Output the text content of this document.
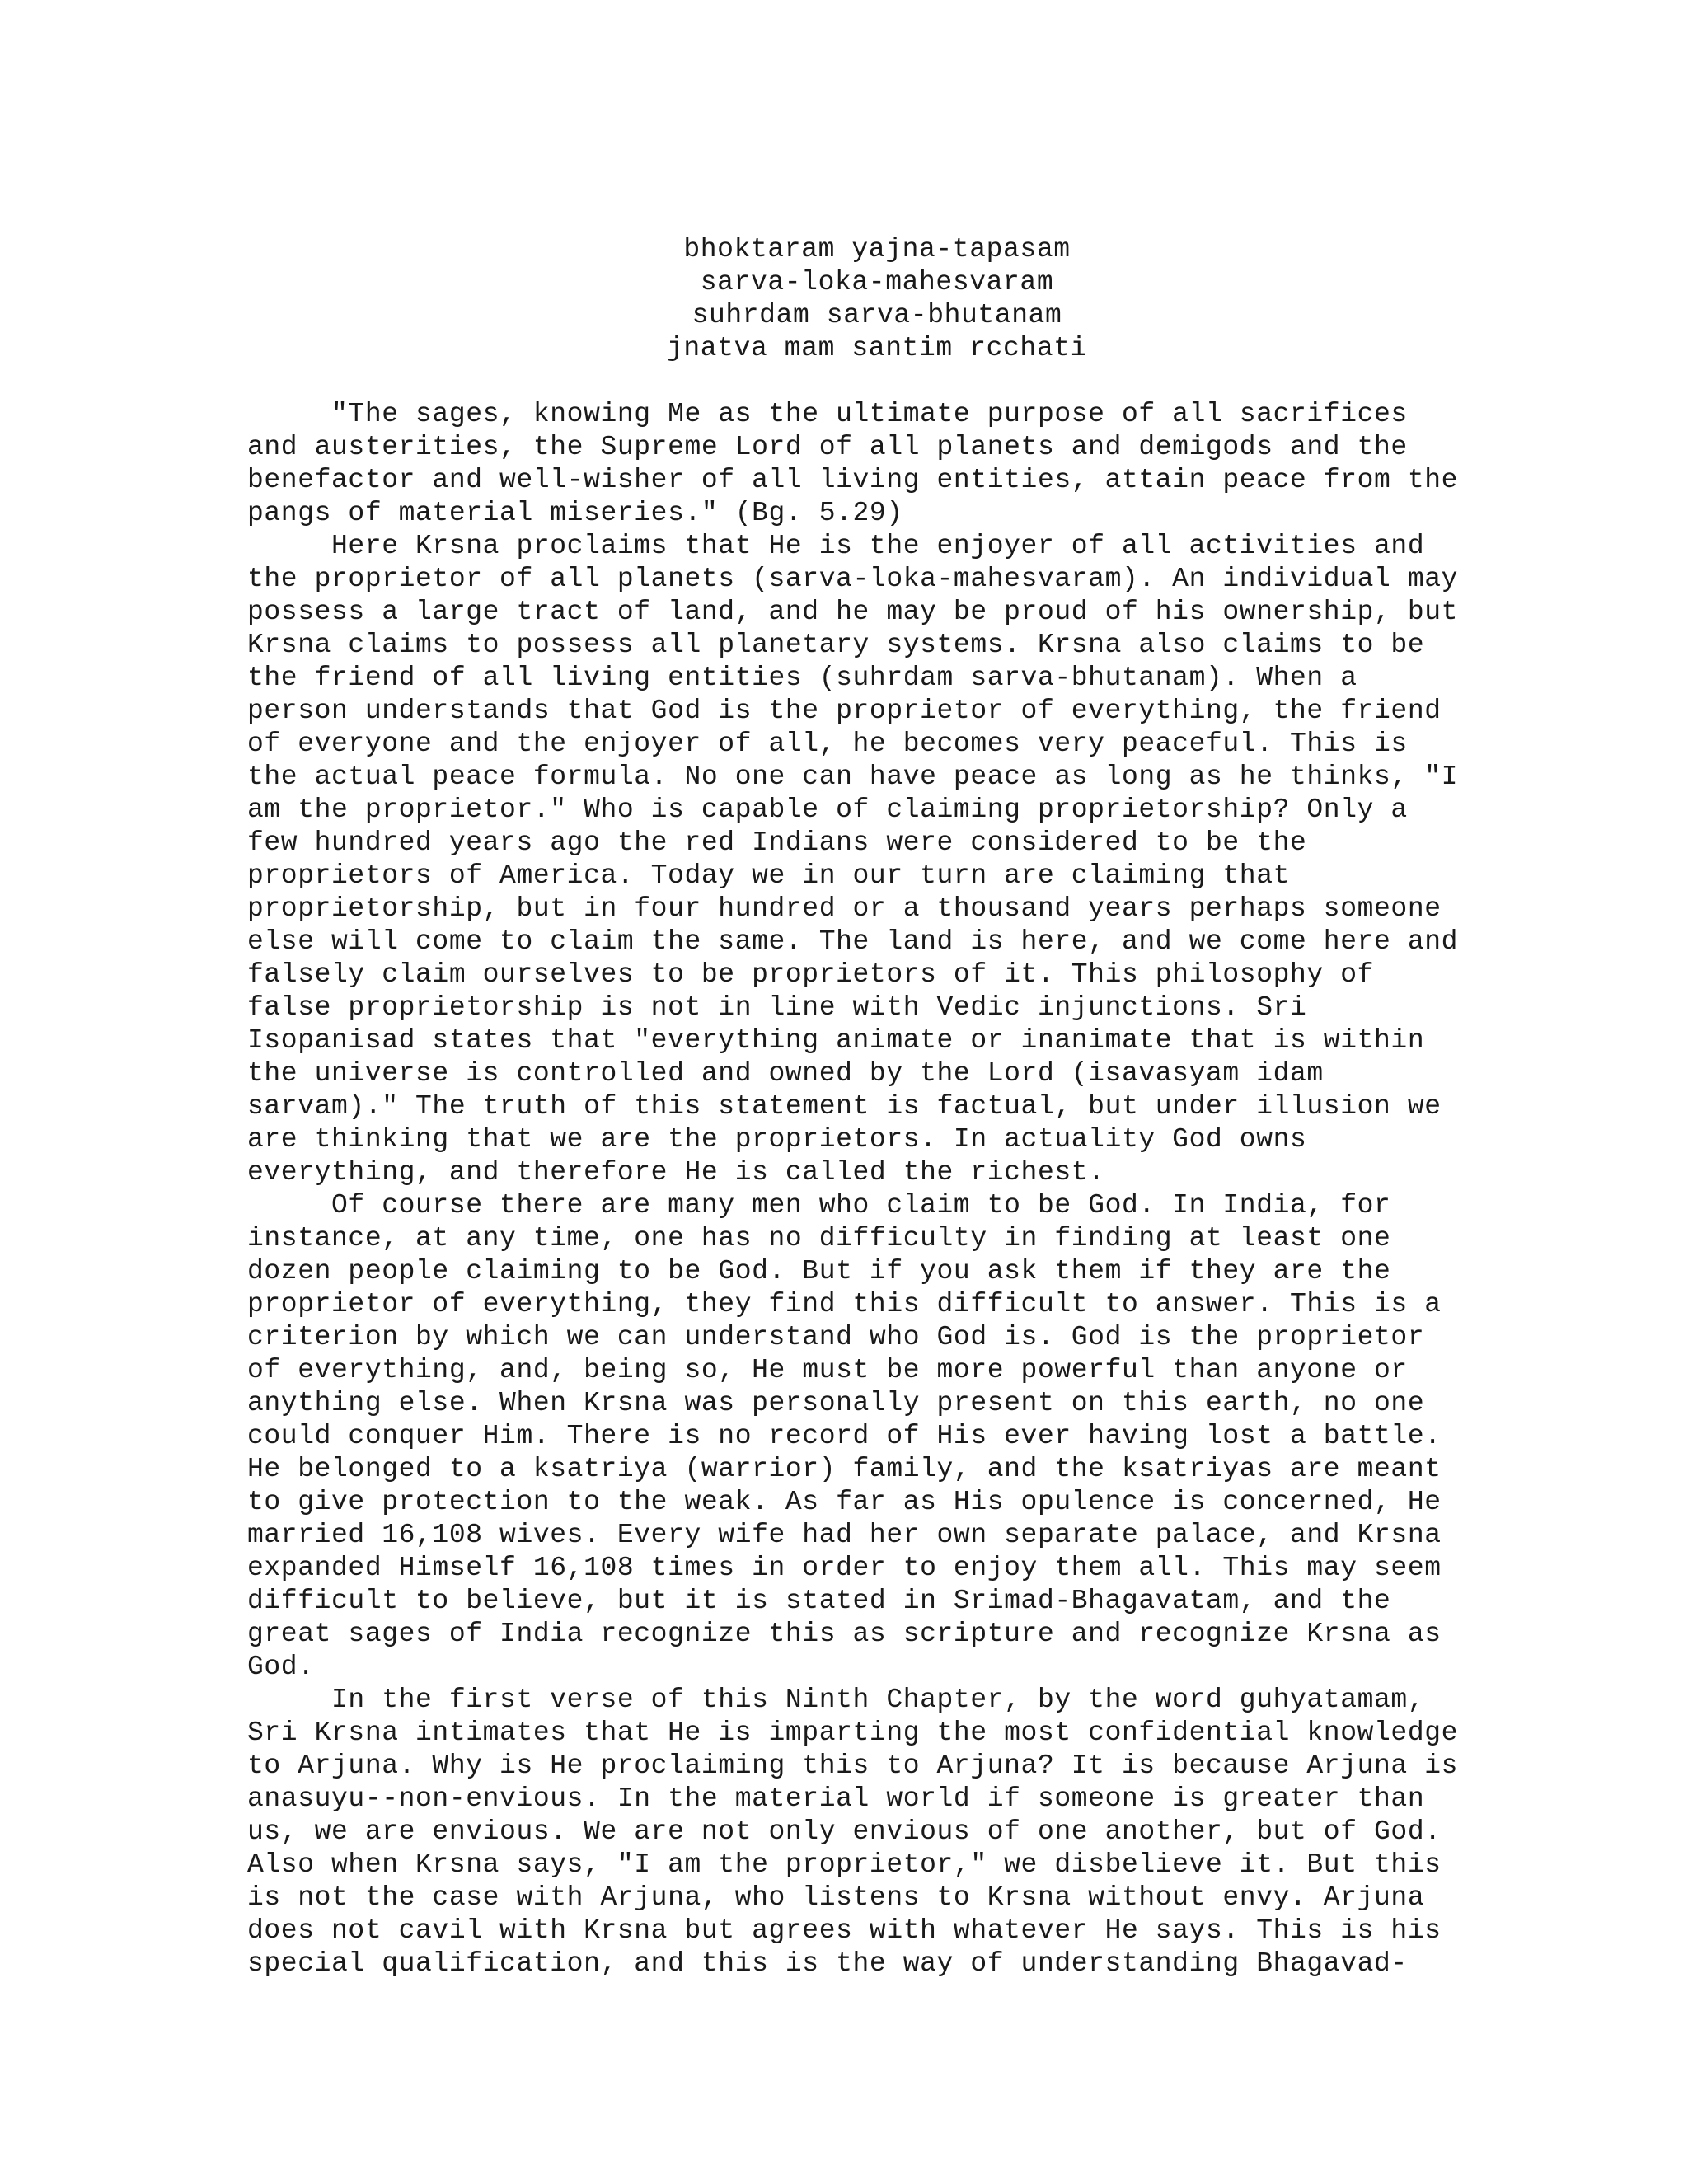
bhoktaram yajna-tapasam
sarva-loka-mahesvaram
suhrdam sarva-bhutanam
jnatva mam santim rcchati
"The sages, knowing Me as the ultimate purpose of all sacrifices
and austerities, the Supreme Lord of all planets and demigods and the
benefactor and well-wisher of all living entities, attain peace from the
pangs of material miseries." (Bg. 5.29)
Here Krsna proclaims that He is the enjoyer of all activities and
the proprietor of all planets (sarva-loka-mahesvaram). An individual may
possess a large tract of land, and he may be proud of his ownership, but
Krsna claims to possess all planetary systems. Krsna also claims to be
the friend of all living entities (suhrdam sarva-bhutanam). When a
person understands that God is the proprietor of everything, the friend
of everyone and the enjoyer of all, he becomes very peaceful. This is
the actual peace formula. No one can have peace as long as he thinks, "I
am the proprietor." Who is capable of claiming proprietorship? Only a
few hundred years ago the red Indians were considered to be the
proprietors of America. Today we in our turn are claiming that
proprietorship, but in four hundred or a thousand years perhaps someone
else will come to claim the same. The land is here, and we come here and
falsely claim ourselves to be proprietors of it. This philosophy of
false proprietorship is not in line with Vedic injunctions. Sri
Isopanisad states that "everything animate or inanimate that is within
the universe is controlled and owned by the Lord (isavasyam idam
sarvam)." The truth of this statement is factual, but under illusion we
are thinking that we are the proprietors. In actuality God owns
everything, and therefore He is called the richest.
Of course there are many men who claim to be God. In India, for
instance, at any time, one has no difficulty in finding at least one
dozen people claiming to be God. But if you ask them if they are the
proprietor of everything, they find this difficult to answer. This is a
criterion by which we can understand who God is. God is the proprietor
of everything, and, being so, He must be more powerful than anyone or
anything else. When Krsna was personally present on this earth, no one
could conquer Him. There is no record of His ever having lost a battle.
He belonged to a ksatriya (warrior) family, and the ksatriyas are meant
to give protection to the weak. As far as His opulence is concerned, He
married 16,108 wives. Every wife had her own separate palace, and Krsna
expanded Himself 16,108 times in order to enjoy them all. This may seem
difficult to believe, but it is stated in Srimad-Bhagavatam, and the
great sages of India recognize this as scripture and recognize Krsna as
God.
In the first verse of this Ninth Chapter, by the word guhyatamam,
Sri Krsna intimates that He is imparting the most confidential knowledge
to Arjuna. Why is He proclaiming this to Arjuna? It is because Arjuna is
anasuyu--non-envious. In the material world if someone is greater than
us, we are envious. We are not only envious of one another, but of God.
Also when Krsna says, "I am the proprietor," we disbelieve it. But this
is not the case with Arjuna, who listens to Krsna without envy. Arjuna
does not cavil with Krsna but agrees with whatever He says. This is his
special qualification, and this is the way of understanding Bhagavad-
